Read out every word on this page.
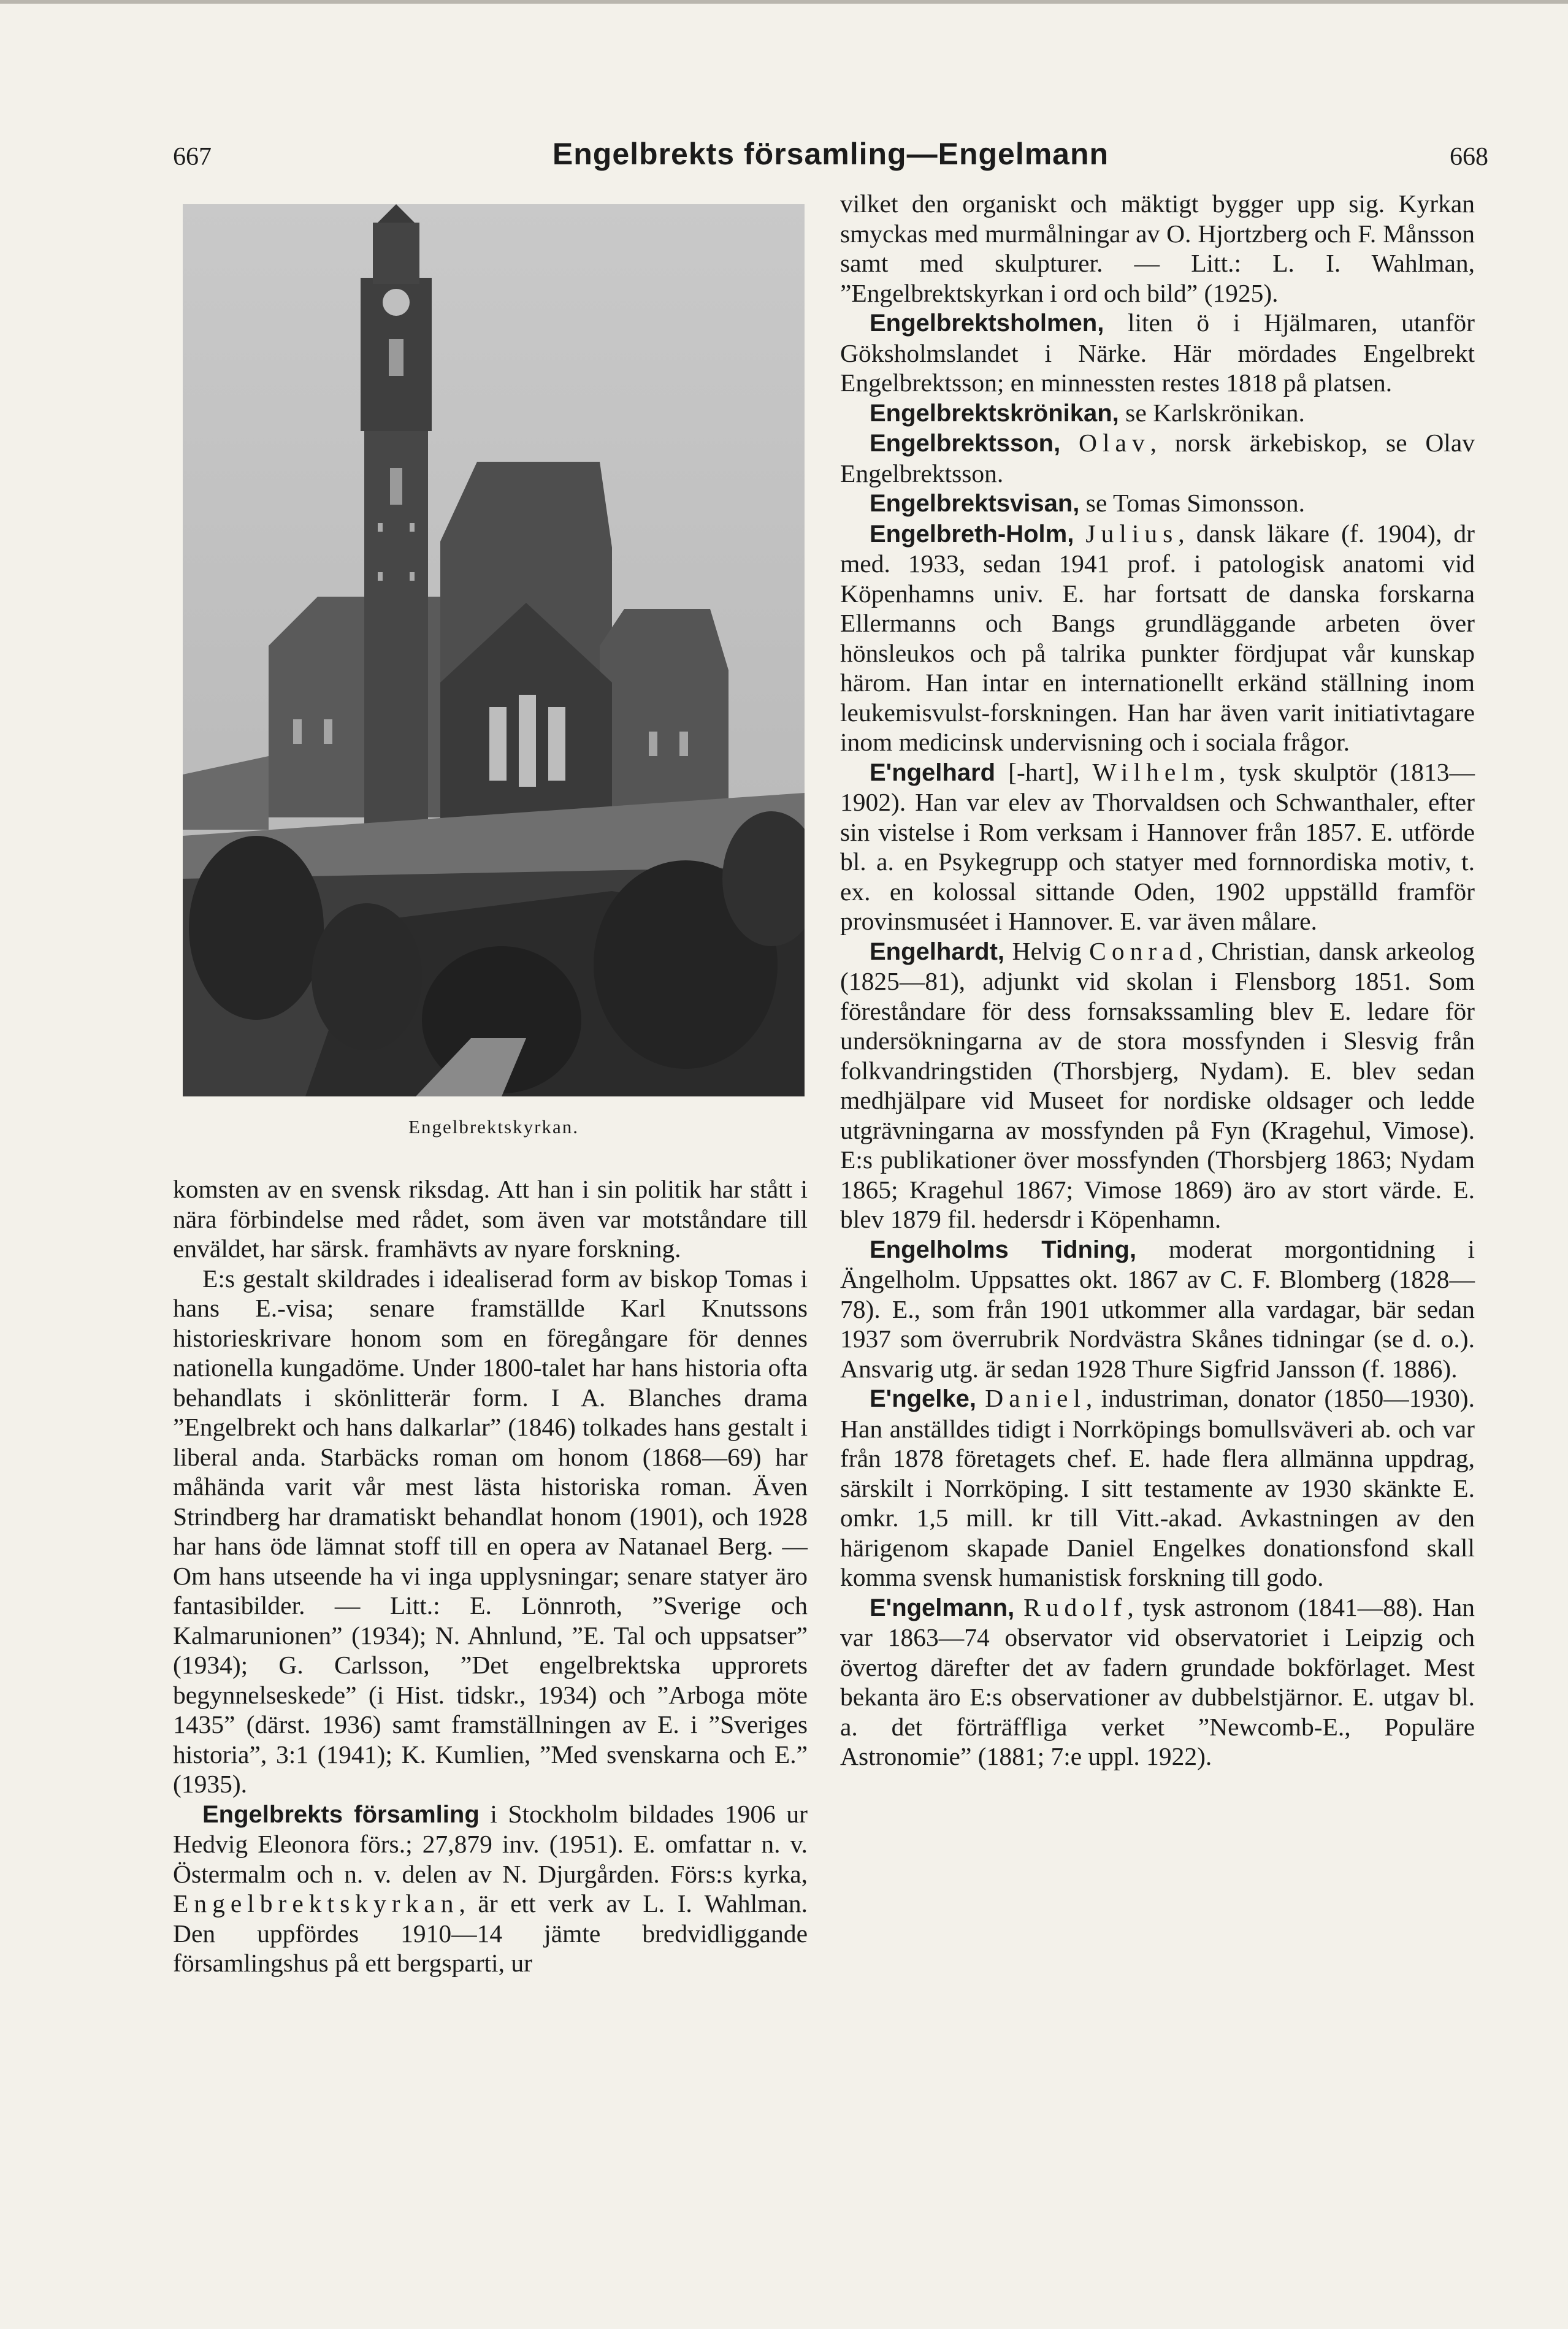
667	Engelbrekts församling—Engelmann	668
Engelbrektskyrkan.

komsten av en svensk riksdag. Att han i sin politik har stått i nära förbindelse med rådet, som även var motståndare till enväldet, har särsk. framhävts av nyare forskning.

E:s gestalt skildrades i idealiserad form av biskop Tomas i hans E.-visa; senare framställde Karl Knutssons historieskrivare honom som en föregångare för dennes nationella kungadöme. Under 1800-talet har hans historia ofta behandlats i skönlitterär form. I A. Blanches drama ”Engelbrekt och hans dalkarlar” (1846) tolkades hans gestalt i liberal anda. Starbäcks roman om honom (1868—69) har måhända varit vår mest lästa historiska roman. Även Strindberg har dramatiskt behandlat honom (1901), och 1928 har hans öde lämnat stoff till en opera av Natanael Berg. — Om hans utseende ha vi inga upplysningar; senare statyer äro fantasibilder. — Litt.: E. Lönnroth, ”Sverige och Kalmarunionen” (1934); N. Ahnlund, ”E. Tal och uppsatser” (1934); G. Carlsson, ”Det engelbrektska upprorets begynnelseskede” (i Hist. tidskr., 1934) och ”Arboga möte 1435” (därst. 1936) samt framställningen av E. i ”Sveriges historia”, 3:1 (1941); K. Kumlien, ”Med svenskarna och E.” (1935).

Engelbrekts församling i Stockholm bildades 1906 ur Hedvig Eleonora förs.; 27,879 inv. (1951). E. omfattar n. v. Östermalm och n. v. delen av N. Djurgården. Förs:s kyrka, Engelbrektskyrkan, är ett verk av L. I. Wahlman. Den uppfördes 1910—14 jämte bredvidliggande församlingshus på ett bergsparti, ur

vilket den organiskt och mäktigt bygger upp sig. Kyrkan smyckas med murmålningar av O. Hjortzberg och F. Månsson samt med skulpturer. — Litt.: L. I. Wahlman, ”Engelbrektskyrkan i ord och bild” (1925).

Engelbrektsholmen, liten ö i Hjälmaren, utanför Göksholmslandet i Närke. Här mördades Engelbrekt Engelbrektsson; en minnessten restes 1818 på platsen.

Engelbrektskrönikan, se Karlskrönikan.

Engelbrektsson, Olav, norsk ärkebiskop, se Olav Engelbrektsson.

Engelbrektsvisan, se Tomas Simonsson.

Engelbreth-Holm, Julius, dansk läkare (f. 1904), dr med. 1933, sedan 1941 prof. i patologisk anatomi vid Köpenhamns univ. E. har fortsatt de danska forskarna Ellermanns och Bangs grundläggande arbeten över hönsleukos och på talrika punkter fördjupat vår kunskap härom. Han intar en internationellt erkänd ställning inom leukemisvulst-forskningen. Han har även varit initiativtagare inom medicinsk undervisning och i sociala frågor.

E'ngelhard [-hart], Wilhelm, tysk skulptör (1813—1902). Han var elev av Thorvaldsen och Schwanthaler, efter sin vistelse i Rom verksam i Hannover från 1857. E. utförde bl. a. en Psykegrupp och statyer med fornnordiska motiv, t. ex. en kolossal sittande Oden, 1902 uppställd framför provinsmuséet i Hannover. E. var även målare.

Engelhardt, Helvig Conrad, Christian, dansk arkeolog (1825—81), adjunkt vid skolan i Flensborg 1851. Som föreståndare för dess fornsakssamling blev E. ledare för undersökningarna av de stora mossfynden i Slesvig från folkvandringstiden (Thorsbjerg, Nydam). E. blev sedan medhjälpare vid Museet for nordiske oldsager och ledde utgrävningarna av mossfynden på Fyn (Kragehul, Vimose). E:s publikationer över mossfynden (Thorsbjerg 1863; Nydam 1865; Kragehul 1867; Vimose 1869) äro av stort värde. E. blev 1879 fil. hedersdr i Köpenhamn.

Engelholms Tidning, moderat morgontidning i Ängelholm. Uppsattes okt. 1867 av C. F. Blomberg (1828—78). E., som från 1901 utkommer alla vardagar, bär sedan 1937 som överrubrik Nordvästra Skånes tidningar (se d. o.). Ansvarig utg. är sedan 1928 Thure Sigfrid Jansson (f. 1886).

E'ngelke, Daniel, industriman, donator (1850—1930). Han anställdes tidigt i Norrköpings bomullsväveri ab. och var från 1878 företagets chef. E. hade flera allmänna uppdrag, särskilt i Norrköping. I sitt testamente av 1930 skänkte E. omkr. 1,5 mill. kr till Vitt.-akad. Avkastningen av den härigenom skapade Daniel Engelkes donationsfond skall komma svensk humanistisk forskning till godo.

E'ngelmann, Rudolf, tysk astronom (1841—88). Han var 1863—74 observator vid observatoriet i Leipzig och övertog därefter det av fadern grundade bokförlaget. Mest bekanta äro E:s observationer av dubbelstjärnor. E. utgav bl. a. det förträffliga verket ”Newcomb-E., Populäre Astronomie” (1881; 7:e uppl. 1922).
